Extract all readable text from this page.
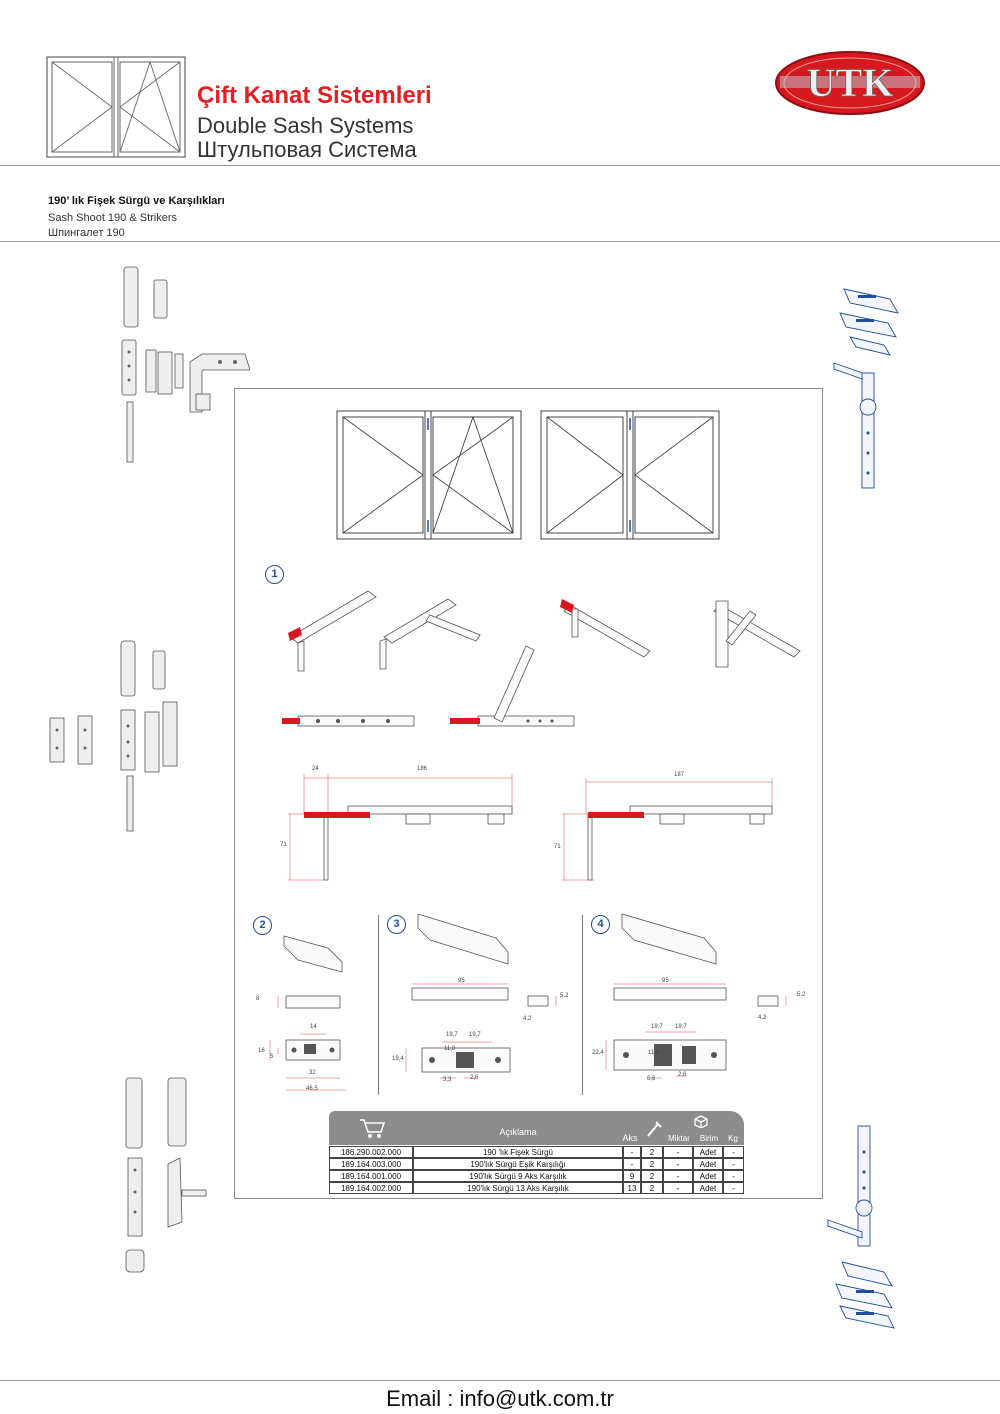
Çift Kanat Sistemleri
Double Sash Systems
Штульповая Система
UTK
190’ lık Fişek Sürgü ve Karşılıkları
Sash Shoot 190 & Strikers
Шпингалет 190
1
2	3	4
24	186
71
187
71
8
14
16
5
32
46,5
95
5,2
4,2
19,7 19,7
11,8
19,4
3,3	2,6
95
5,2
4,2
19,7 19,7
11,8
22,4
6,6
2,6
Açıklama
Aks	Miktar	Birim	Kg
186.290.002.000	190 'lık Fişek Sürgü	-	2	-	Adet	-
189.164.003.000	190'lık Sürgü Eşik Karşılığı	-	2	-	Adet	-
189.164.001.000	190'lık Sürgü 9 Aks Karşılık	9	2	-	Adet	-
189.164.002.000	190'lık Sürgü 13 Aks Karşılık	13	2	-	Adet	-
Email : info@utk.com.tr
